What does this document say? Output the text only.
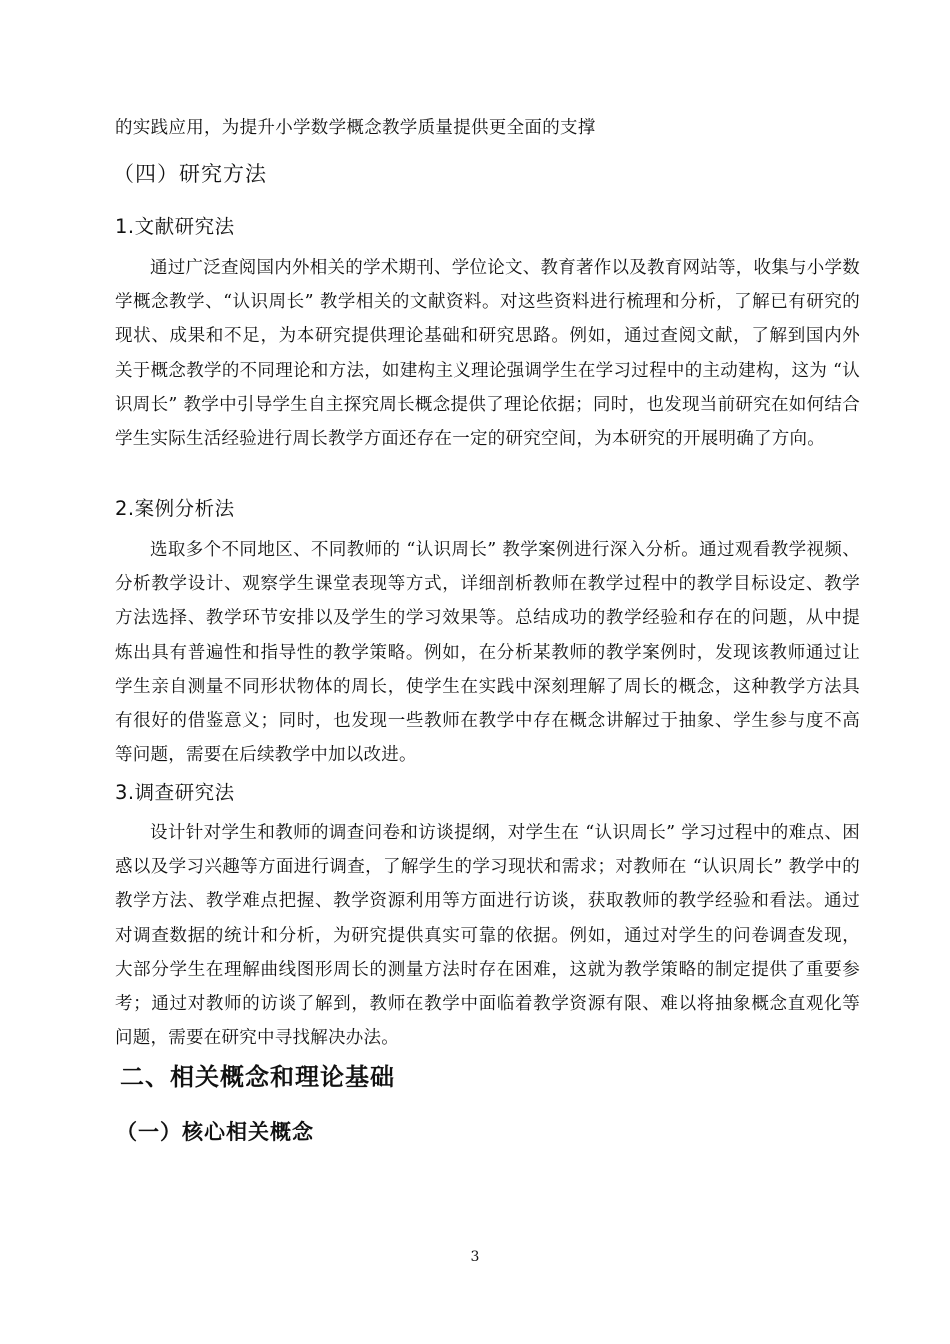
的实践应用，为提升小学数学概念教学质量提供更全面的支撑
（四）研究方法
1.文献研究法
通过广泛查阅国内外相关的学术期刊、学位论文、教育著作以及教育网站等，收集与小学数学概念教学、“认识周长” 教学相关的文献资料。对这些资料进行梳理和分析，了解已有研究的现状、成果和不足，为本研究提供理论基础和研究思路。例如，通过查阅文献，了解到国内外关于概念教学的不同理论和方法，如建构主义理论强调学生在学习过程中的主动建构，这为 “认识周长” 教学中引导学生自主探究周长概念提供了理论依据；同时，也发现当前研究在如何结合学生实际生活经验进行周长教学方面还存在一定的研究空间，为本研究的开展明确了方向。
2.案例分析法
选取多个不同地区、不同教师的 “认识周长” 教学案例进行深入分析。通过观看教学视频、分析教学设计、观察学生课堂表现等方式，详细剖析教师在教学过程中的教学目标设定、教学方法选择、教学环节安排以及学生的学习效果等。总结成功的教学经验和存在的问题，从中提炼出具有普遍性和指导性的教学策略。例如，在分析某教师的教学案例时，发现该教师通过让学生亲自测量不同形状物体的周长，使学生在实践中深刻理解了周长的概念，这种教学方法具有很好的借鉴意义；同时，也发现一些教师在教学中存在概念讲解过于抽象、学生参与度不高等问题，需要在后续教学中加以改进。
3.调查研究法
设计针对学生和教师的调查问卷和访谈提纲，对学生在 “认识周长” 学习过程中的难点、困惑以及学习兴趣等方面进行调查，了解学生的学习现状和需求；对教师在 “认识周长” 教学中的教学方法、教学难点把握、教学资源利用等方面进行访谈，获取教师的教学经验和看法。通过对调查数据的统计和分析，为研究提供真实可靠的依据。例如，通过对学生的问卷调查发现，大部分学生在理解曲线图形周长的测量方法时存在困难，这就为教学策略的制定提供了重要参考；通过对教师的访谈了解到，教师在教学中面临着教学资源有限、难以将抽象概念直观化等问题，需要在研究中寻找解决办法。
二、相关概念和理论基础
（一）核心相关概念
3
